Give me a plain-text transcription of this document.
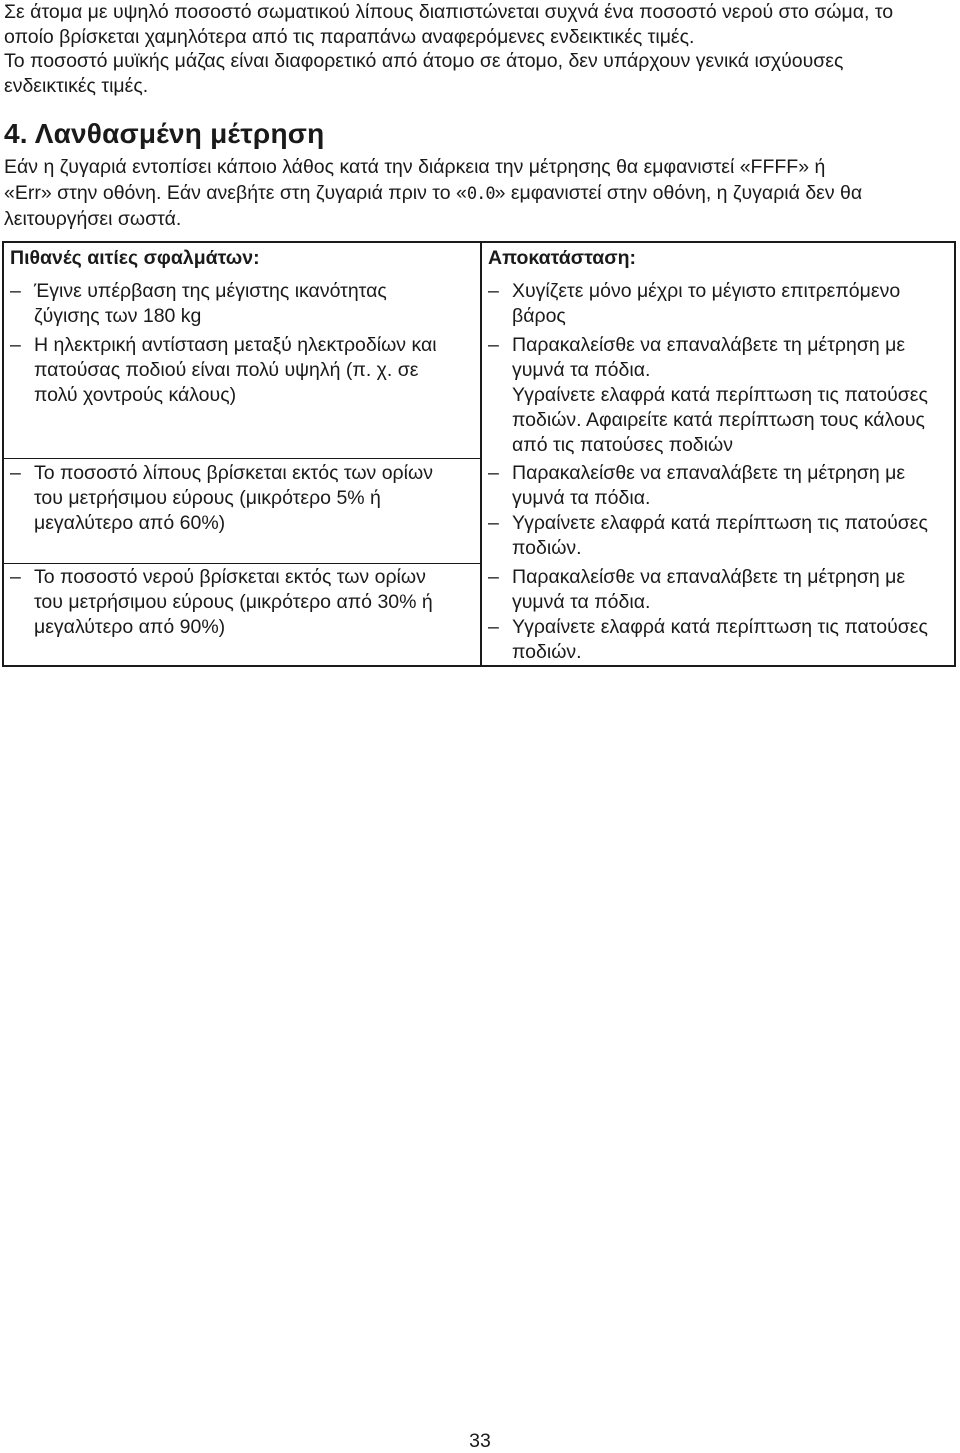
Σε άτομα με υψηλό ποσοστό σωματικού λίπους διαπιστώνεται συχνά ένα ποσοστό νερού στο σώμα, το

οποίο βρίσκεται χαμηλότερα από τις παραπάνω αναφερόμενες ενδεικτικές τιμές.

Το ποσοστό μυϊκής μάζας είναι διαφορετικό από άτομο σε άτομο, δεν υπάρχουν γενικά ισχύουσες

ενδεικτικές τιμές.

4. Λανθασμένη μέτρηση
Εάν η ζυγαριά εντοπίσει κάποιο λάθος κατά την διάρκεια την μέτρησης θα εμφανιστεί «FFFF» ή
«Err» στην οθόνη. Εάν ανεβήτε στη ζυγαριά πριν το «0.0» εμφανιστεί στην οθόνη, η ζυγαριά δεν θα
λειτουργήσει σωστά.
Πιθανές αιτίες σφαλμάτων:	Αποκατάσταση:
– Έγινε υπέρβαση της μέγιστης ικανότητας
ζύγισης των 180 kg
– Η ηλεκτρική αντίσταση μεταξύ ηλεκτροδίων και
πατούσας ποδιού είναι πολύ υψηλή (π. χ. σε
πολύ χοντρούς κάλους)
– Χυγίζετε μόνο μέχρι το μέγιστο επιτρεπόμενο
βάρος
– Παρακαλείσθε να επαναλάβετε τη μέτρηση με
γυμνά τα πόδια.
Υγραίνετε ελαφρά κατά περίπτωση τις πατούσες
ποδιών. Αφαιρείτε κατά περίπτωση τους κάλους
από τις πατούσες ποδιών
– Το ποσοστό λίπους βρίσκεται εκτός των ορίων
του μετρήσιμου εύρους (μικρότερο 5% ή
μεγαλύτερο από 60%)
– Παρακαλείσθε να επαναλάβετε τη μέτρηση με
γυμνά τα πόδια.
– Υγραίνετε ελαφρά κατά περίπτωση τις πατούσες
ποδιών.
– Το ποσοστό νερού βρίσκεται εκτός των ορίων
του μετρήσιμου εύρους (μικρότερο από 30% ή
μεγαλύτερο από 90%)
– Παρακαλείσθε να επαναλάβετε τη μέτρηση με
γυμνά τα πόδια.
– Υγραίνετε ελαφρά κατά περίπτωση τις πατούσες
ποδιών.
33
